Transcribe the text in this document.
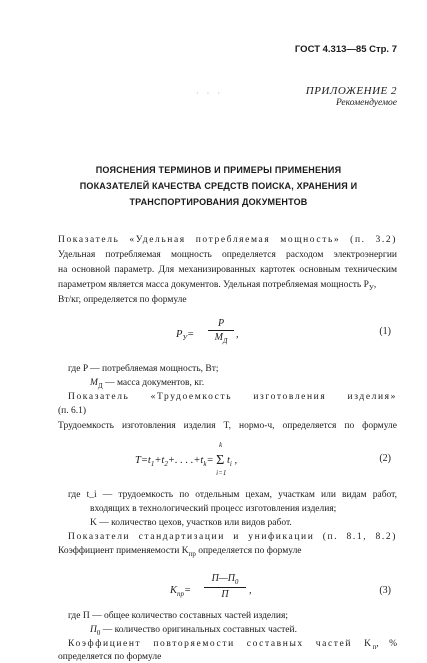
ГОСТ 4.313—85 Стр. 7
· · ·	ПРИЛОЖЕНИЕ 2
Рекомендуемое
ПОЯСНЕНИЯ ТЕРМИНОВ И ПРИМЕРЫ ПРИМЕНЕНИЯ
ПОКАЗАТЕЛЕЙ КАЧЕСТВА СРЕДСТВ ПОИСКА, ХРАНЕНИЯ И
ТРАНСПОРТИРОВАНИЯ ДОКУМЕНТОВ
Показатель «Удельная потребляемая мощность» (п. 3.2)
Удельная потребляемая мощность определяется расходом электроэнергии
на основной параметр. Для механизированных картотек основным техническим
параметром является масса документов. Удельная потребляемая мощность $P_У$,
Вт/кг, определяется по формуле
$P_У=$
P
$M_Д$
,	(1)
где P — потребляемая мощность, Вт;
$M_Д$ — масса документов, кг.
Показатель «Трудоемкость изготовления изделия»
(п. 6.1)
Трудоемкость изготовления изделия T, нормо-ч, определяется по формуле
$T=t_1+t_2+$. . . $.+t_k=$
k
Σ
i=1
$t_i$ ,	(2)
где t_i — трудоемкость по отдельным цехам, участкам или видам работ,
входящих в технологический процесс изготовления изделия;
K — количество цехов, участков или видов работ.
Показатели стандартизации и унификации (п. 8.1, 8.2)
Коэффициент применяемости $K_{пр}$ определяется по формуле
$K_{пр}=$
$П—П_0$
П	,	(3)
где П — общее количество составных частей изделия;
$П_0$ — количество оригинальных составных частей.
Коэффициент повторяемости составных частей $K_п$, %
определяется по формуле
